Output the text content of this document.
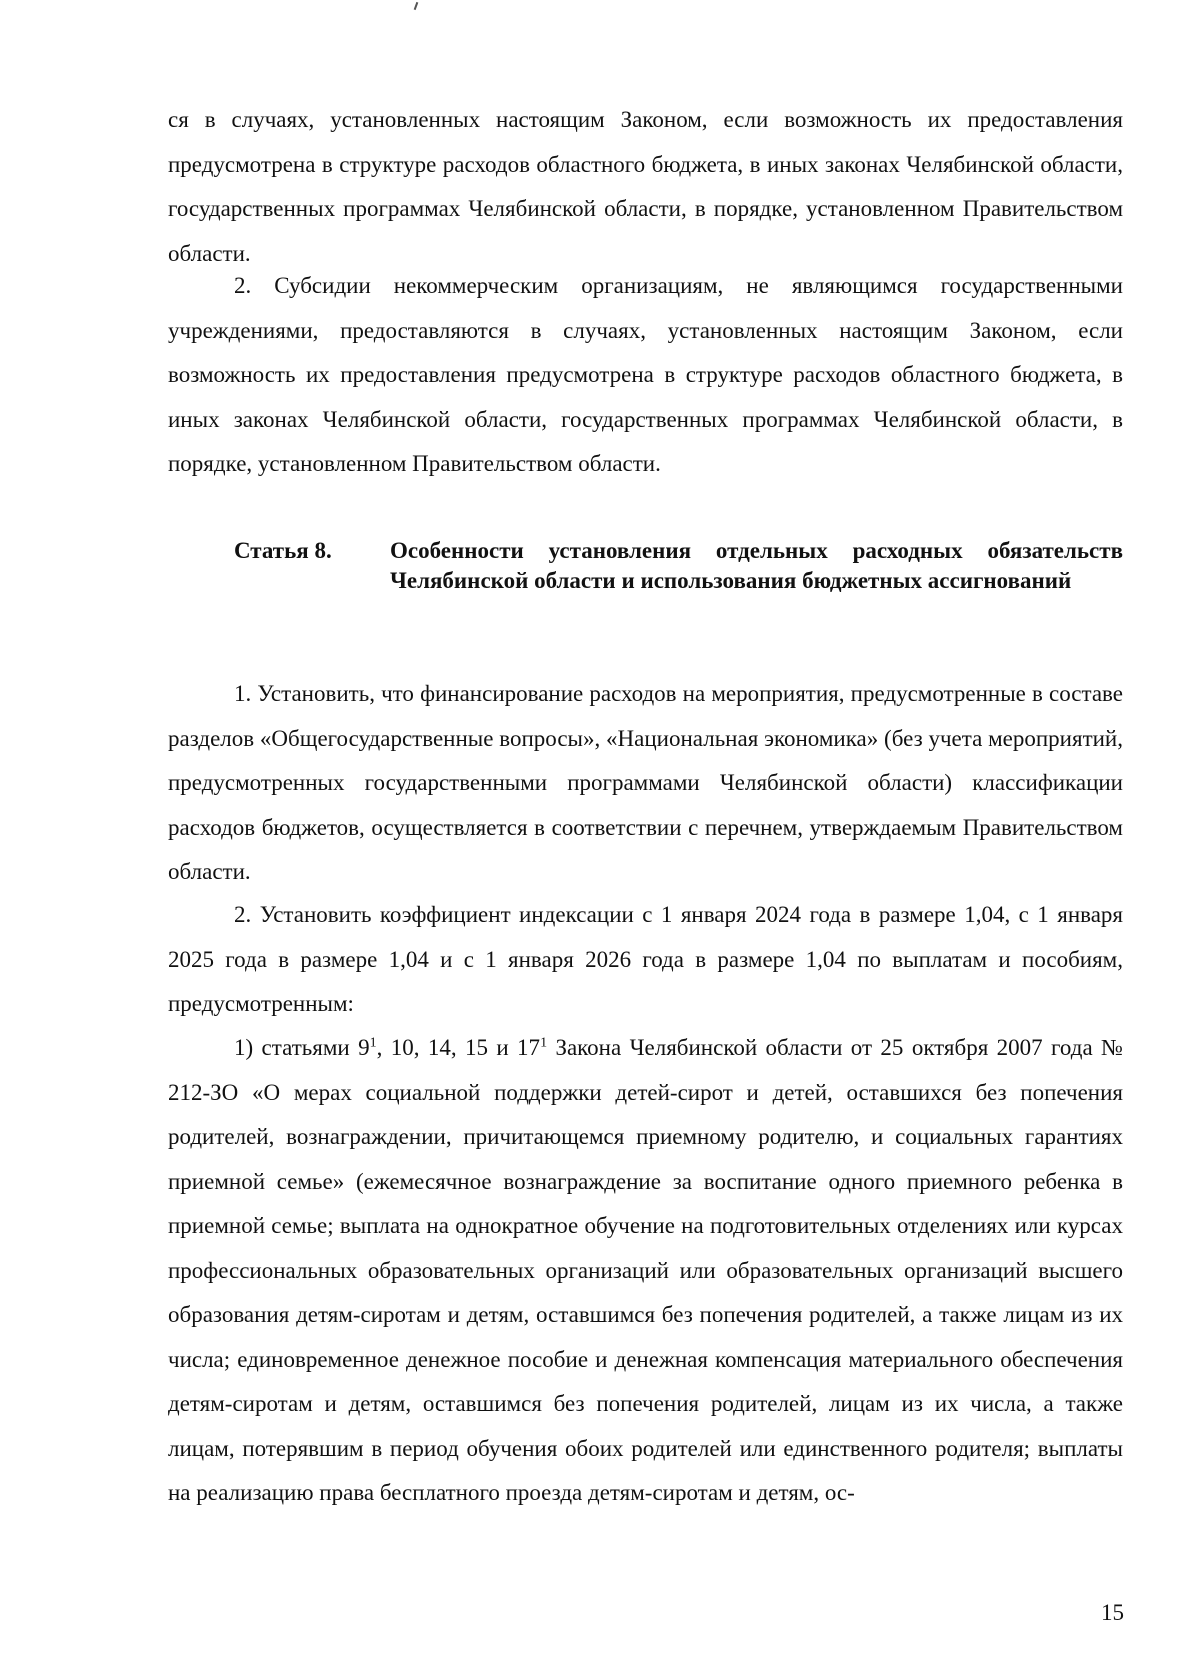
ся в случаях, установленных настоящим Законом, если возможность их предоставления предусмотрена в структуре расходов областного бюджета, в иных законах Челябинской области, государственных программах Челябинской области, в порядке, установленном Правительством области.

2. Субсидии некоммерческим организациям, не являющимся государственными учреждениями, предоставляются в случаях, установленных настоящим Законом, если возможность их предоставления предусмотрена в структуре расходов областного бюджета, в иных законах Челябинской области, государственных программах Челябинской области, в порядке, установленном Правительством области.

Статья 8.	Особенности установления отдельных расходных обязательств Челябинской области и использования бюджетных ассигнований

1. Установить, что финансирование расходов на мероприятия, предусмотренные в составе разделов «Общегосударственные вопросы», «Национальная экономика» (без учета мероприятий, предусмотренных государственными программами Челябинской области) классификации расходов бюджетов, осуществляется в соответствии с перечнем, утверждаемым Правительством области.

2. Установить коэффициент индексации с 1 января 2024 года в размере 1,04, с 1 января 2025 года в размере 1,04 и с 1 января 2026 года в размере 1,04 по выплатам и пособиям, предусмотренным:

1) статьями $9^1$, 10, 14, 15 и $17^1$ Закона Челябинской области от 25 октября 2007 года № 212-ЗО «О мерах социальной поддержки детей-сирот и детей, оставшихся без попечения родителей, вознаграждении, причитающемся приемному родителю, и социальных гарантиях приемной семье» (ежемесячное вознаграждение за воспитание одного приемного ребенка в приемной семье; выплата на однократное обучение на подготовительных отделениях или курсах профессиональных образовательных организаций или образовательных организаций высшего образования детям-сиротам и детям, оставшимся без попечения родителей, а также лицам из их числа; единовременное денежное пособие и денежная компенсация материального обеспечения детям-сиротам и детям, оставшимся без попечения родителей, лицам из их числа, а также лицам, потерявшим в период обучения обоих родителей или единственного родителя; выплаты на реализацию права бесплатного проезда детям-сиротам и детям, ос-

15
